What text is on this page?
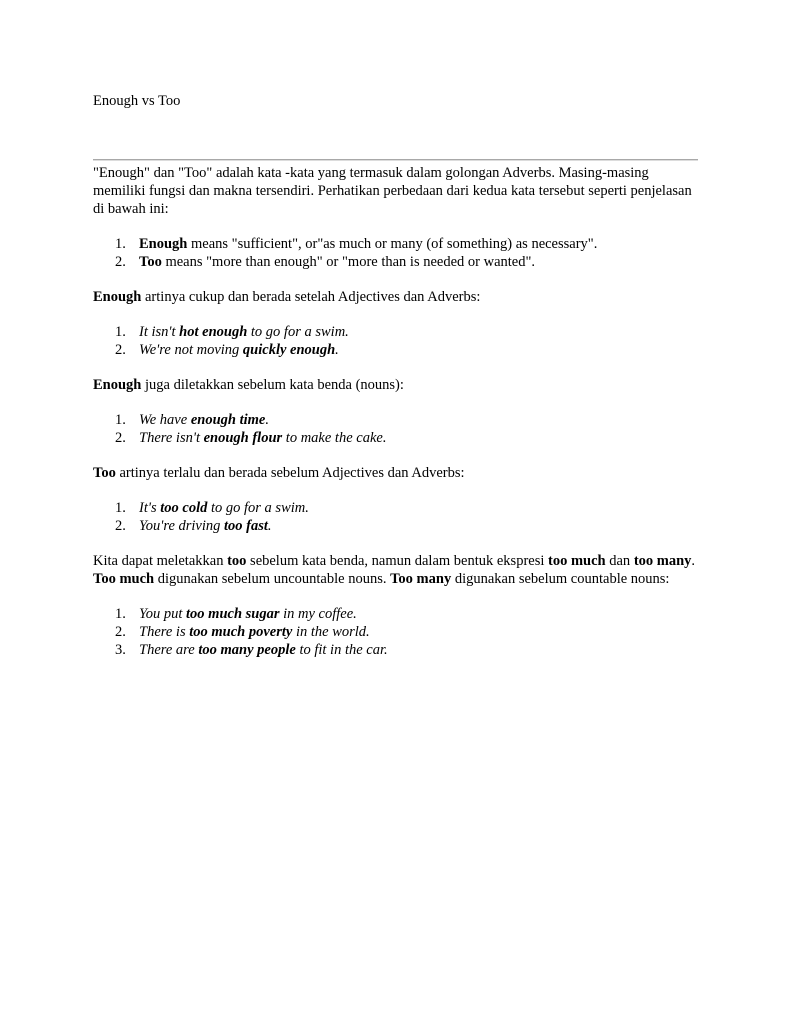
Enough vs Too

"Enough" dan "Too" adalah kata -kata yang termasuk dalam golongan Adverbs. Masing-masing memiliki fungsi dan makna tersendiri. Perhatikan perbedaan dari kedua kata tersebut seperti penjelasan di bawah ini:

1. Enough means "sufficient", or"as much or many (of something) as necessary".
2. Too means "more than enough" or "more than is needed or wanted".

Enough artinya cukup dan berada setelah Adjectives dan Adverbs:

1. It isn't hot enough to go for a swim.
2. We're not moving quickly enough.

Enough juga diletakkan sebelum kata benda (nouns):

1. We have enough time.
2. There isn't enough flour to make the cake.

Too artinya terlalu dan berada sebelum Adjectives dan Adverbs:

1. It's too cold to go for a swim.
2. You're driving too fast.

Kita dapat meletakkan too sebelum kata benda, namun dalam bentuk ekspresi too much dan too many. Too much digunakan sebelum uncountable nouns. Too many digunakan sebelum countable nouns:

1. You put too much sugar in my coffee.
2. There is too much poverty in the world.
3. There are too many people to fit in the car.
